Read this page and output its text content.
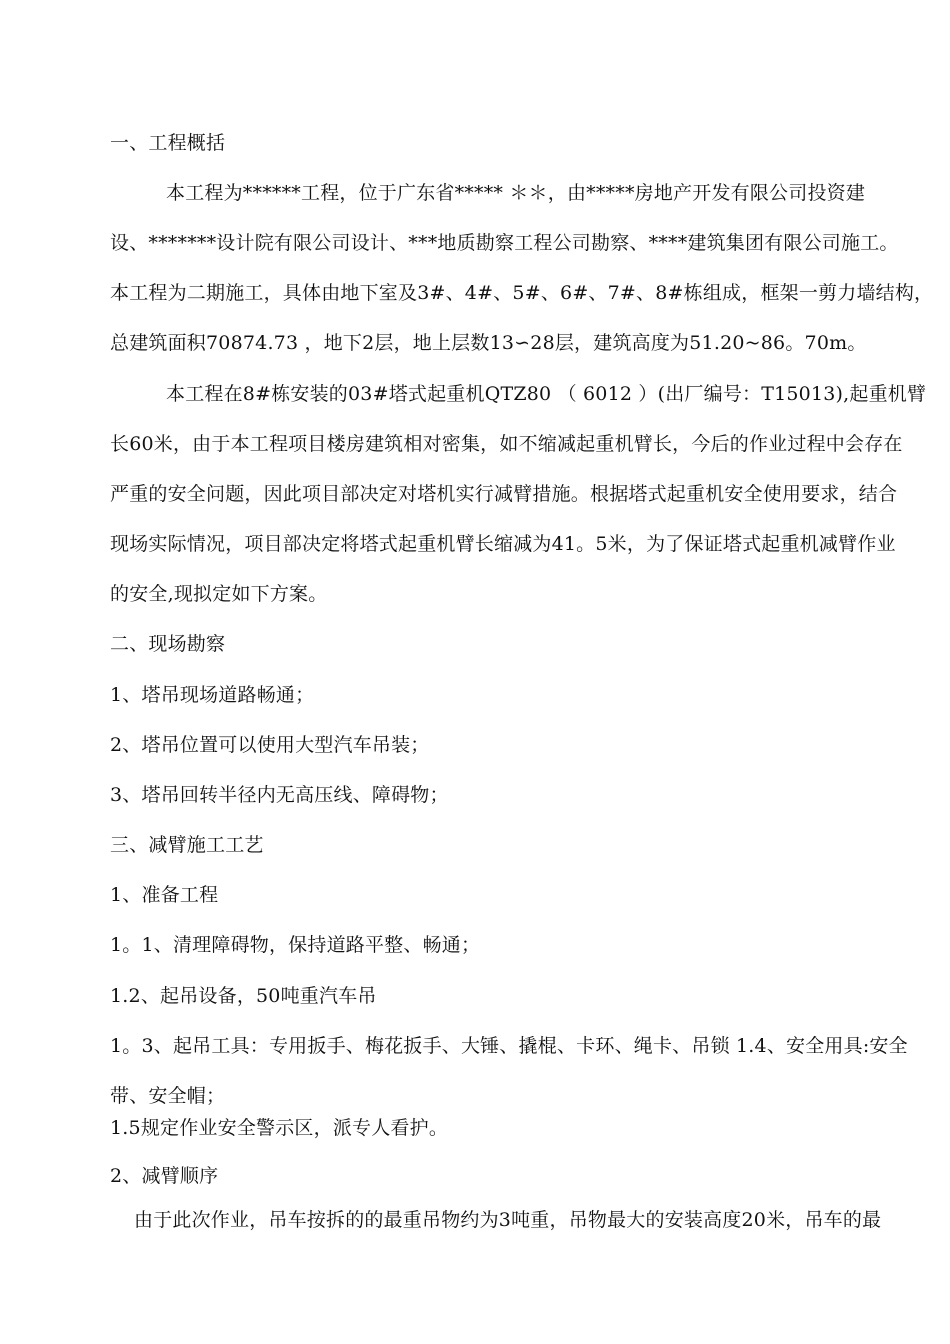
一、工程概括
本工程为******工程，位于广东省***** ＊＊，由*****房地产开发有限公司投资建
设、*******设计院有限公司设计、***地质勘察工程公司勘察、****建筑集团有限公司施工。
本工程为二期施工，具体由地下室及3#、4#、5#、6#、7#、8#栋组成，框架一剪力墙结构，
总建筑面积70874.73 ，地下2层，地上层数13∽28层，建筑高度为51.20~86。70m。
本工程在8#栋安装的03#塔式起重机QTZ80 （ 6012 ）(出厂编号：T15013),起重机臂
长60米，由于本工程项目楼房建筑相对密集，如不缩减起重机臂长，今后的作业过程中会存在
严重的安全问题，因此项目部决定对塔机实行减臂措施。根据塔式起重机安全使用要求，结合
现场实际情况，项目部决定将塔式起重机臂长缩减为41。5米，为了保证塔式起重机减臂作业
的安全,现拟定如下方案。
二、现场勘察
1、塔吊现场道路畅通；
2、塔吊位置可以使用大型汽车吊装；
3、塔吊回转半径内无高压线、障碍物；
三、减臂施工工艺
1、准备工程
1。1、清理障碍物，保持道路平整、畅通；
1.2、起吊设备，50吨重汽车吊
1。3、起吊工具：专用扳手、梅花扳手、大锤、撬棍、卡环、绳卡、吊锁 1.4、安全用具:安全
带、安全帽；
1.5规定作业安全警示区，派专人看护。
2、减臂顺序
由于此次作业，吊车按拆的的最重吊物约为3吨重，吊物最大的安装高度20米，吊车的最
